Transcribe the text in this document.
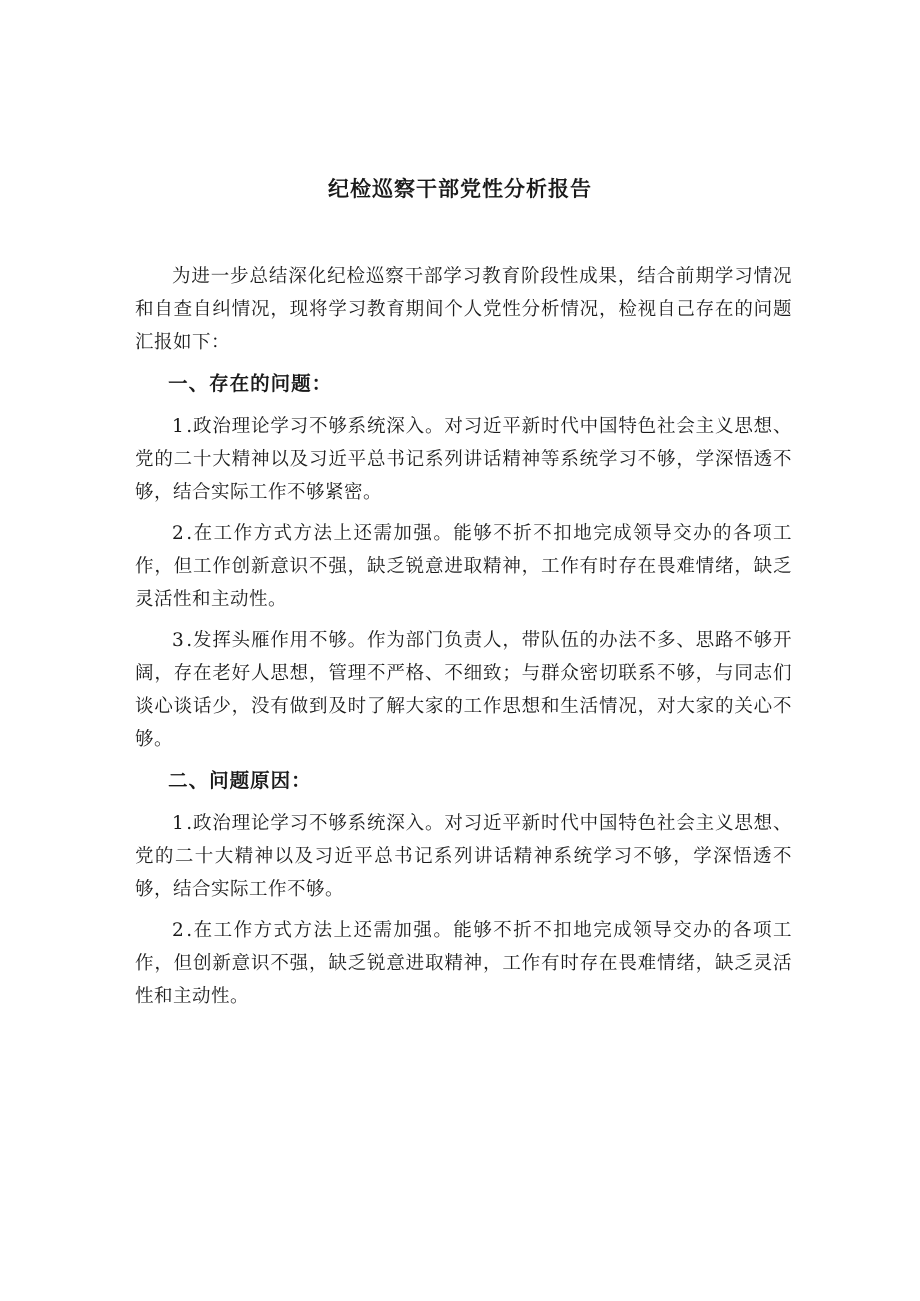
纪检巡察干部党性分析报告

为进一步总结深化纪检巡察干部学习教育阶段性成果，结合前期学习情况和自查自纠情况，现将学习教育期间个人党性分析情况，检视自己存在的问题汇报如下：

一、存在的问题：

1 .政治理论学习不够系统深入。对习近平新时代中国特色社会主义思想、党的二十大精神以及习近平总书记系列讲话精神等系统学习不够，学深悟透不够，结合实际工作不够紧密。

2 .在工作方式方法上还需加强。能够不折不扣地完成领导交办的各项工作，但工作创新意识不强，缺乏锐意进取精神，工作有时存在畏难情绪，缺乏灵活性和主动性。

3 .发挥头雁作用不够。作为部门负责人，带队伍的办法不多、思路不够开阔，存在老好人思想，管理不严格、不细致；与群众密切联系不够，与同志们谈心谈话少，没有做到及时了解大家的工作思想和生活情况，对大家的关心不够。

二、问题原因：

1 .政治理论学习不够系统深入。对习近平新时代中国特色社会主义思想、党的二十大精神以及习近平总书记系列讲话精神系统学习不够，学深悟透不够，结合实际工作不够。

2 .在工作方式方法上还需加强。能够不折不扣地完成领导交办的各项工作，但创新意识不强，缺乏锐意进取精神，工作有时存在畏难情绪，缺乏灵活性和主动性。
